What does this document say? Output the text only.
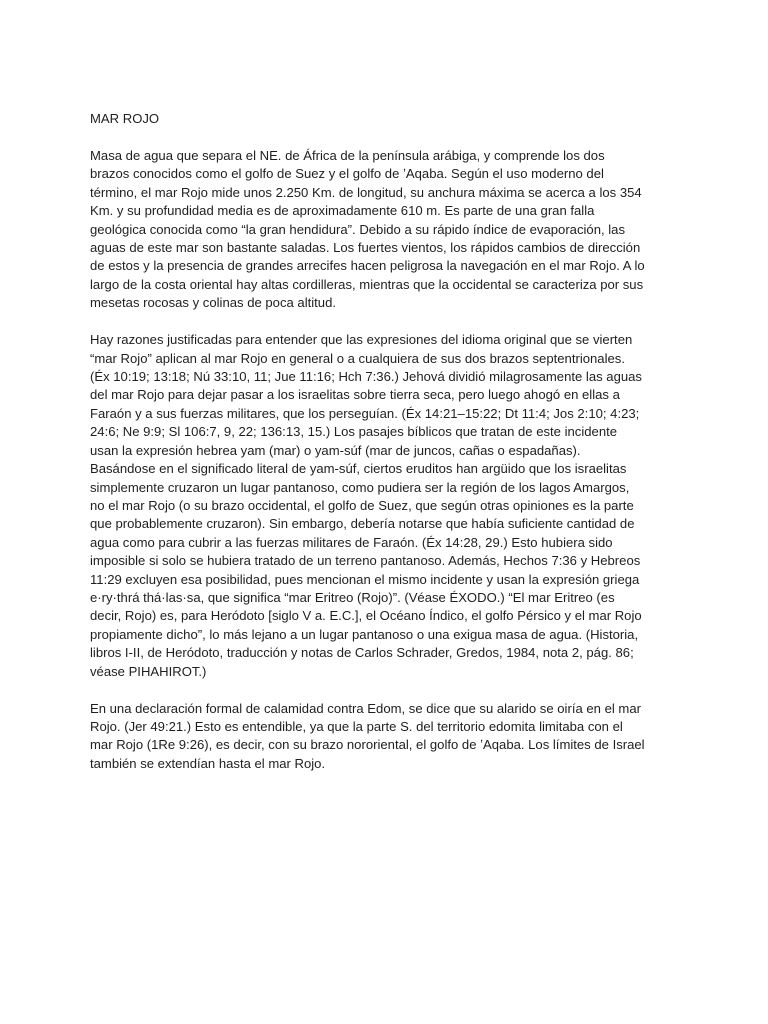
MAR ROJO
Masa de agua que separa el NE. de África de la península arábiga, y comprende los dos
brazos conocidos como el golfo de Suez y el golfo de ʽAqaba. Según el uso moderno del
término, el mar Rojo mide unos 2.250 Km. de longitud, su anchura máxima se acerca a los 354
Km. y su profundidad media es de aproximadamente 610 m. Es parte de una gran falla
geológica conocida como “la gran hendidura”. Debido a su rápido índice de evaporación, las
aguas de este mar son bastante saladas. Los fuertes vientos, los rápidos cambios de dirección
de estos y la presencia de grandes arrecifes hacen peligrosa la navegación en el mar Rojo. A lo
largo de la costa oriental hay altas cordilleras, mientras que la occidental se caracteriza por sus
mesetas rocosas y colinas de poca altitud.
Hay razones justificadas para entender que las expresiones del idioma original que se vierten
“mar Rojo” aplican al mar Rojo en general o a cualquiera de sus dos brazos septentrionales.
(Éx 10:19; 13:18; Nú 33:10, 11; Jue 11:16; Hch 7:36.) Jehová dividió milagrosamente las aguas
del mar Rojo para dejar pasar a los israelitas sobre tierra seca, pero luego ahogó en ellas a
Faraón y a sus fuerzas militares, que los perseguían. (Éx 14:21–15:22; Dt 11:4; Jos 2:10; 4:23;
24:6; Ne 9:9; Sl 106:7, 9, 22; 136:13, 15.) Los pasajes bíblicos que tratan de este incidente
usan la expresión hebrea yam (mar) o yam-súf (mar de juncos, cañas o espadañas).
Basándose en el significado literal de yam-súf, ciertos eruditos han argüido que los israelitas
simplemente cruzaron un lugar pantanoso, como pudiera ser la región de los lagos Amargos,
no el mar Rojo (o su brazo occidental, el golfo de Suez, que según otras opiniones es la parte
que probablemente cruzaron). Sin embargo, debería notarse que había suficiente cantidad de
agua como para cubrir a las fuerzas militares de Faraón. (Éx 14:28, 29.) Esto hubiera sido
imposible si solo se hubiera tratado de un terreno pantanoso. Además, Hechos 7:36 y Hebreos
11:29 excluyen esa posibilidad, pues mencionan el mismo incidente y usan la expresión griega
e·ry·thrá thá·las·sa, que significa “mar Eritreo (Rojo)”. (Véase ÉXODO.) “El mar Eritreo (es
decir, Rojo) es, para Heródoto [siglo V a. E.C.], el Océano Índico, el golfo Pérsico y el mar Rojo
propiamente dicho”, lo más lejano a un lugar pantanoso o una exigua masa de agua. (Historia,
libros I-II, de Heródoto, traducción y notas de Carlos Schrader, Gredos, 1984, nota 2, pág. 86;
véase PIHAHIROT.)
En una declaración formal de calamidad contra Edom, se dice que su alarido se oiría en el mar
Rojo. (Jer 49:21.) Esto es entendible, ya que la parte S. del territorio edomita limitaba con el
mar Rojo (1Re 9:26), es decir, con su brazo nororiental, el golfo de ʽAqaba. Los límites de Israel
también se extendían hasta el mar Rojo.
